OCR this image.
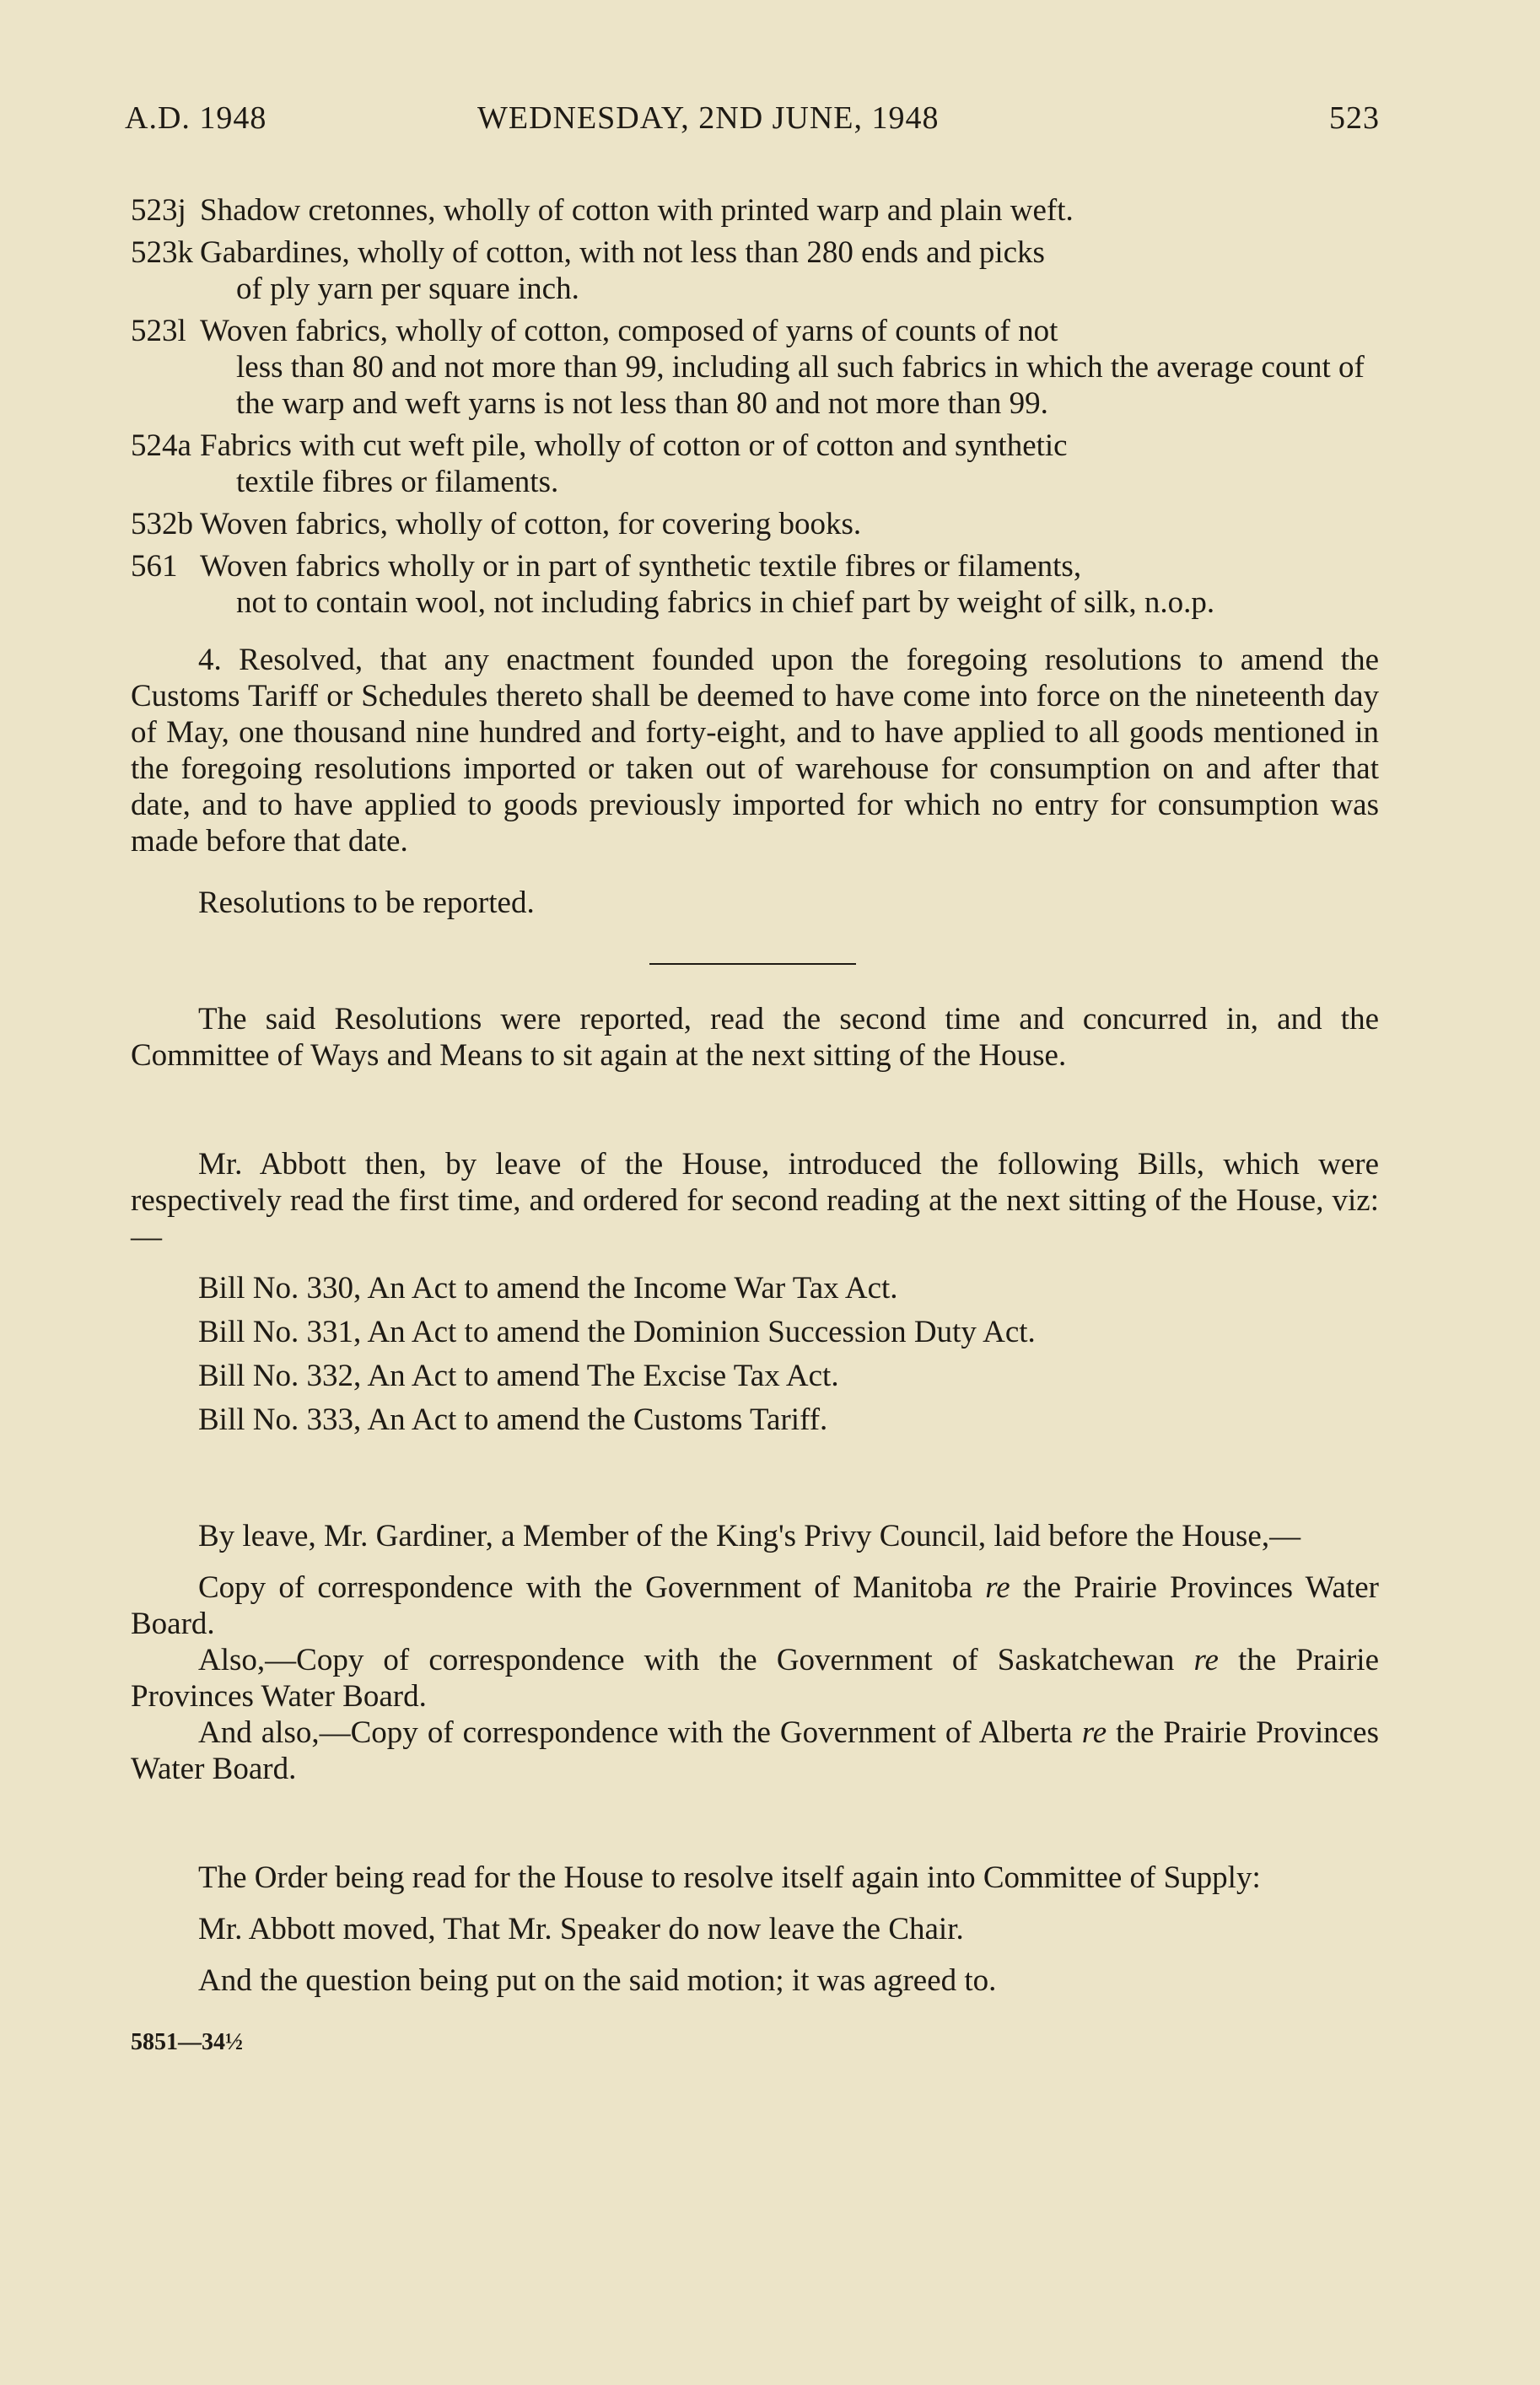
A.D. 1948	WEDNESDAY, 2ND JUNE, 1948	523
523j Shadow cretonnes, wholly of cotton with printed warp and plain weft.
523k Gabardines, wholly of cotton, with not less than 280 ends and picks
of ply yarn per square inch.
523l Woven fabrics, wholly of cotton, composed of yarns of counts of not
less than 80 and not more than 99, including all such fabrics in which the average count of the warp and weft yarns is not less than 80 and not more than 99.
524a Fabrics with cut weft pile, wholly of cotton or of cotton and synthetic
textile fibres or filaments.
532b Woven fabrics, wholly of cotton, for covering books.
561 Woven fabrics wholly or in part of synthetic textile fibres or filaments,
not to contain wool, not including fabrics in chief part by weight of silk, n.o.p.

4. Resolved, that any enactment founded upon the foregoing resolutions to amend the Customs Tariff or Schedules thereto shall be deemed to have come into force on the nineteenth day of May, one thousand nine hundred and forty-eight, and to have applied to all goods mentioned in the foregoing resolutions imported or taken out of warehouse for consumption on and after that date, and to have applied to goods previously imported for which no entry for consumption was made before that date.

Resolutions to be reported.

The said Resolutions were reported, read the second time and concurred in, and the Committee of Ways and Means to sit again at the next sitting of the House.

Mr. Abbott then, by leave of the House, introduced the following Bills, which were respectively read the first time, and ordered for second reading at the next sitting of the House, viz:—

Bill No. 330, An Act to amend the Income War Tax Act.
Bill No. 331, An Act to amend the Dominion Succession Duty Act.
Bill No. 332, An Act to amend The Excise Tax Act.
Bill No. 333, An Act to amend the Customs Tariff.

By leave, Mr. Gardiner, a Member of the King's Privy Council, laid before the House,—

Copy of correspondence with the Government of Manitoba re the Prairie Provinces Water Board.

Also,—Copy of correspondence with the Government of Saskatchewan re the Prairie Provinces Water Board.

And also,—Copy of correspondence with the Government of Alberta re the Prairie Provinces Water Board.

The Order being read for the House to resolve itself again into Committee of Supply:

Mr. Abbott moved, That Mr. Speaker do now leave the Chair.

And the question being put on the said motion; it was agreed to.

5851—34½
